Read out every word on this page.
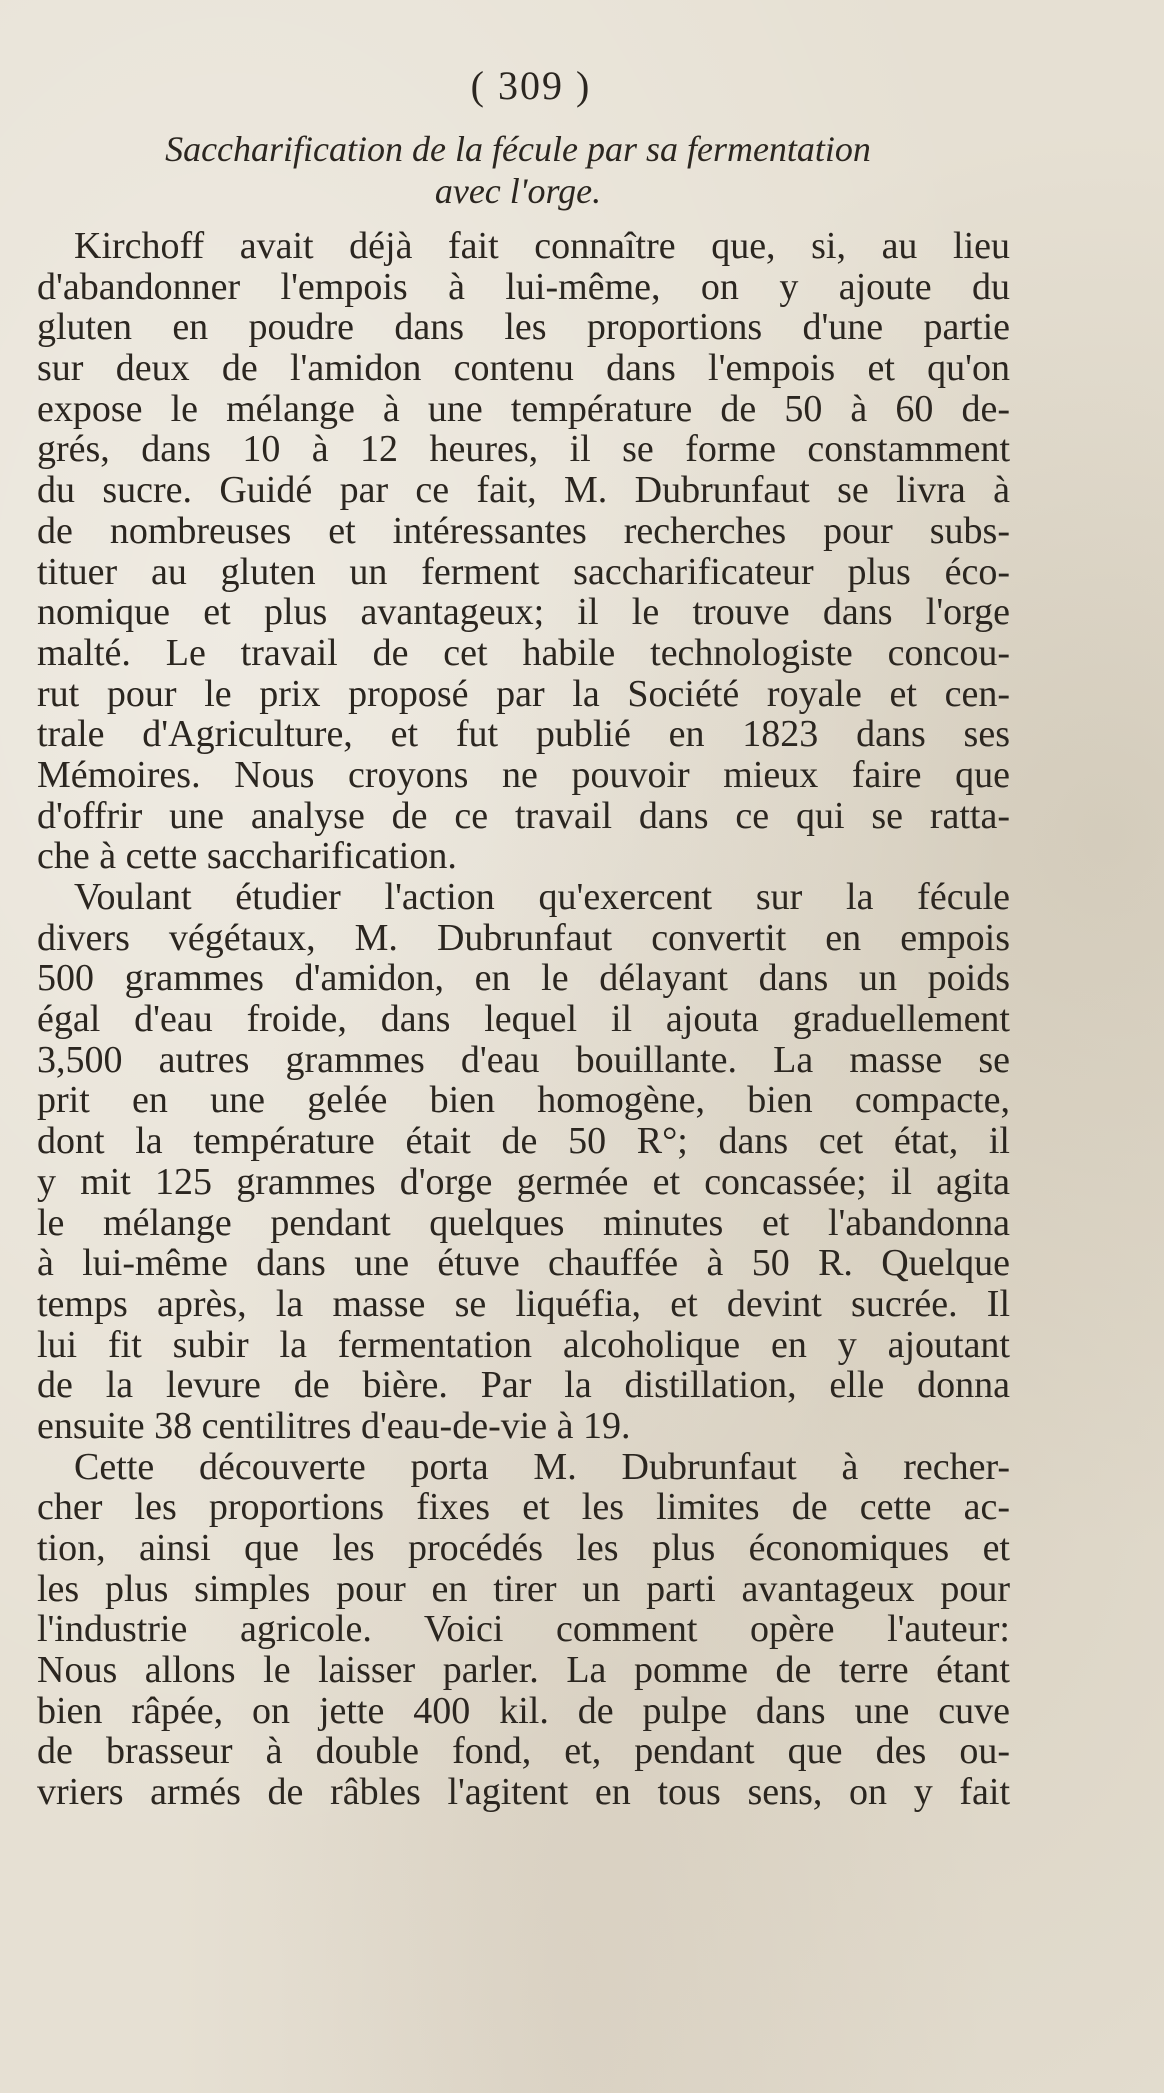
( 309 )
Saccharification de la fécule par sa fermentation
avec l'orge.
Kirchoff avait déjà fait connaître que, si, au lieu
d'abandonner l'empois à lui-même, on y ajoute du
gluten en poudre dans les proportions d'une partie
sur deux de l'amidon contenu dans l'empois et qu'on
expose le mélange à une température de 50 à 60 de-
grés, dans 10 à 12 heures, il se forme constamment
du sucre. Guidé par ce fait, M. Dubrunfaut se livra à
de nombreuses et intéressantes recherches pour subs-
tituer au gluten un ferment saccharificateur plus éco-
nomique et plus avantageux; il le trouve dans l'orge
malté. Le travail de cet habile technologiste concou-
rut pour le prix proposé par la Société royale et cen-
trale d'Agriculture, et fut publié en 1823 dans ses
Mémoires. Nous croyons ne pouvoir mieux faire que
d'offrir une analyse de ce travail dans ce qui se ratta-
che à cette saccharification.
Voulant étudier l'action qu'exercent sur la fécule
divers végétaux, M. Dubrunfaut convertit en empois
500 grammes d'amidon, en le délayant dans un poids
égal d'eau froide, dans lequel il ajouta graduellement
3,500 autres grammes d'eau bouillante. La masse se
prit en une gelée bien homogène, bien compacte,
dont la température était de 50 R°; dans cet état, il
y mit 125 grammes d'orge germée et concassée; il agita
le mélange pendant quelques minutes et l'abandonna
à lui-même dans une étuve chauffée à 50 R. Quelque
temps après, la masse se liquéfia, et devint sucrée. Il
lui fit subir la fermentation alcoholique en y ajoutant
de la levure de bière. Par la distillation, elle donna
ensuite 38 centilitres d'eau-de-vie à 19.
Cette découverte porta M. Dubrunfaut à recher-
cher les proportions fixes et les limites de cette ac-
tion, ainsi que les procédés les plus économiques et
les plus simples pour en tirer un parti avantageux pour
l'industrie agricole. Voici comment opère l'auteur:
Nous allons le laisser parler. La pomme de terre étant
bien râpée, on jette 400 kil. de pulpe dans une cuve
de brasseur à double fond, et, pendant que des ou-
vriers armés de râbles l'agitent en tous sens, on y fait
